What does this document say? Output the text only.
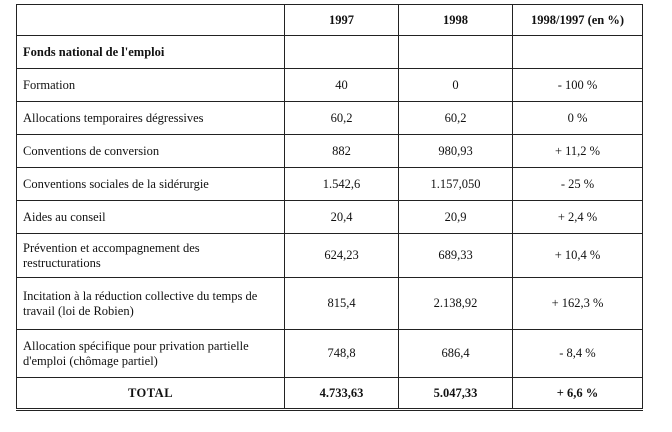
	1997	1998	1998/1997 (en %)
Fonds national de l'emploi			
Formation	40	0	- 100 %
Allocations temporaires dégressives	60,2	60,2	0 %
Conventions de conversion	882	980,93	+ 11,2 %
Conventions sociales de la sidérurgie	1.542,6	1.157,050	- 25 %
Aides au conseil	20,4	20,9	+ 2,4 %
Prévention et accompagnement des restructurations	624,23	689,33	+ 10,4 %
Incitation à la réduction collective du temps de travail (loi de Robien)	815,4	2.138,92	+ 162,3 %
Allocation spécifique pour privation partielle d'emploi (chômage partiel)	748,8	686,4	- 8,4 %
TOTAL	4.733,63	5.047,33	+ 6,6 %
